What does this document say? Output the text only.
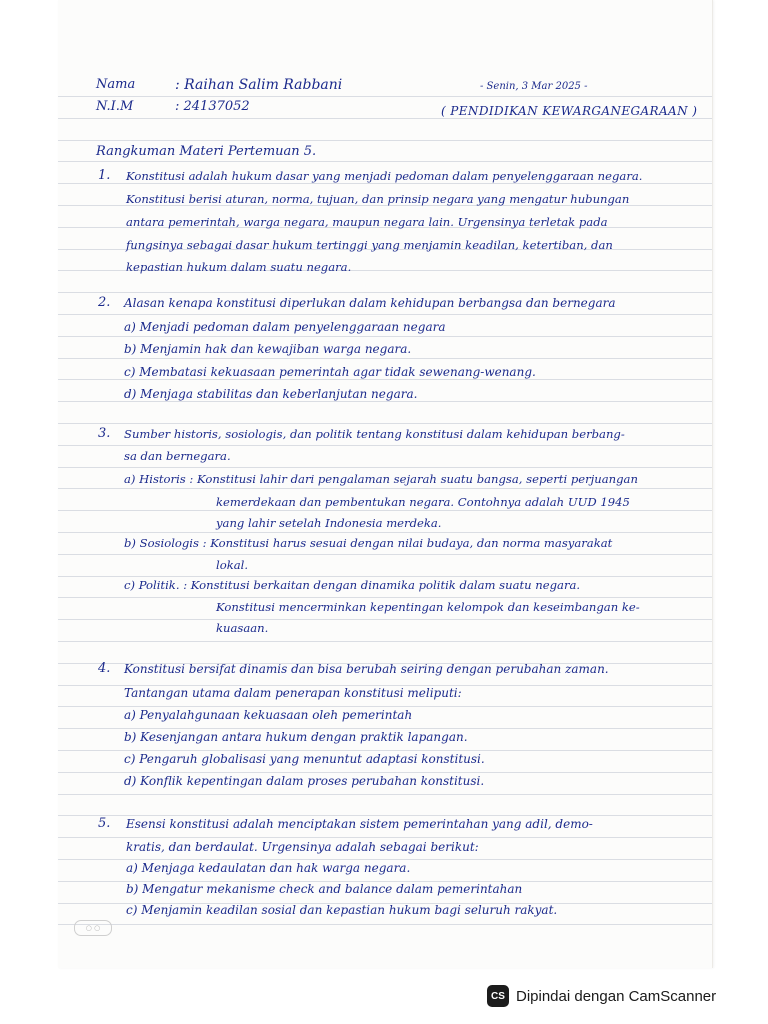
Nama	: Raihan Salim Rabbani
N.I.M	: 24137052
- Senin, 3 Mar 2025 -
( PENDIDIKAN KEWARGANEGARAAN )
Rangkuman Materi Pertemuan 5.
1. Konstitusi adalah hukum dasar yang menjadi pedoman dalam penyelenggaraan negara.
Konstitusi berisi aturan, norma, tujuan, dan prinsip negara yang mengatur hubungan
antara pemerintah, warga negara, maupun negara lain. Urgensinya terletak pada
fungsinya sebagai dasar hukum tertinggi yang menjamin keadilan, ketertiban, dan
kepastian hukum dalam suatu negara.
2. Alasan kenapa konstitusi diperlukan dalam kehidupan berbangsa dan bernegara
a) Menjadi pedoman dalam penyelenggaraan negara
b) Menjamin hak dan kewajiban warga negara.
c) Membatasi kekuasaan pemerintah agar tidak sewenang-wenang.
d) Menjaga stabilitas dan keberlanjutan negara.
3. Sumber historis, sosiologis, dan politik tentang konstitusi dalam kehidupan berbang-
sa dan bernegara.
a) Historis : Konstitusi lahir dari pengalaman sejarah suatu bangsa, seperti perjuangan
kemerdekaan dan pembentukan negara. Contohnya adalah UUD 1945
yang lahir setelah Indonesia merdeka.
b) Sosiologis : Konstitusi harus sesuai dengan nilai budaya, dan norma masyarakat
lokal.
c) Politik. : Konstitusi berkaitan dengan dinamika politik dalam suatu negara.
Konstitusi mencerminkan kepentingan kelompok dan keseimbangan ke-
kuasaan.
4. Konstitusi bersifat dinamis dan bisa berubah seiring dengan perubahan zaman.
Tantangan utama dalam penerapan konstitusi meliputi:
a) Penyalahgunaan kekuasaan oleh pemerintah
b) Kesenjangan antara hukum dengan praktik lapangan.
c) Pengaruh globalisasi yang menuntut adaptasi konstitusi.
d) Konflik kepentingan dalam proses perubahan konstitusi.
5. Esensi konstitusi adalah menciptakan sistem pemerintahan yang adil, demo-
kratis, dan berdaulat. Urgensinya adalah sebagai berikut:
a) Menjaga kedaulatan dan hak warga negara.
b) Mengatur mekanisme check and balance dalam pemerintahan
c) Menjamin keadilan sosial dan kepastian hukum bagi seluruh rakyat.
○ ○
CS Dipindai dengan CamScanner
